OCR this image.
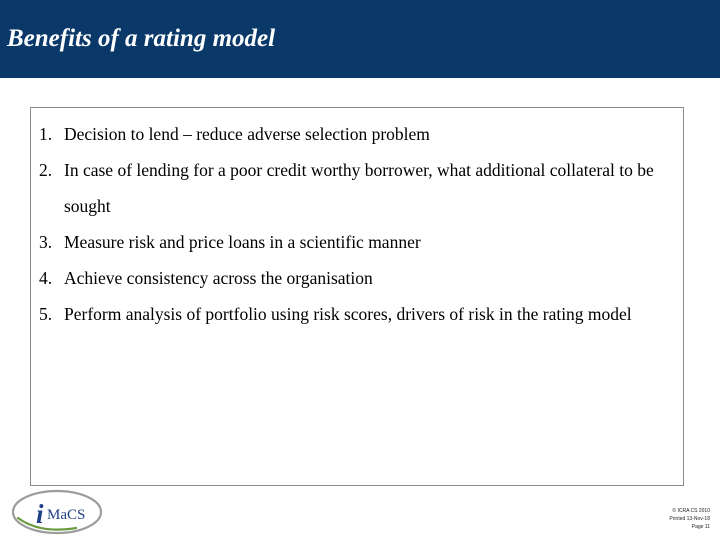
Benefits of a rating model
1. Decision to lend – reduce adverse selection problem
2. In case of lending for a poor credit worthy borrower, what additional collateral to be sought
3. Measure risk and price loans in a scientific manner
4. Achieve consistency across the organisation
5. Perform analysis of portfolio using risk scores, drivers of risk in the rating model
i MaCS	© ICRA CS 2010
Printed 13-Nov-18
Page 11
